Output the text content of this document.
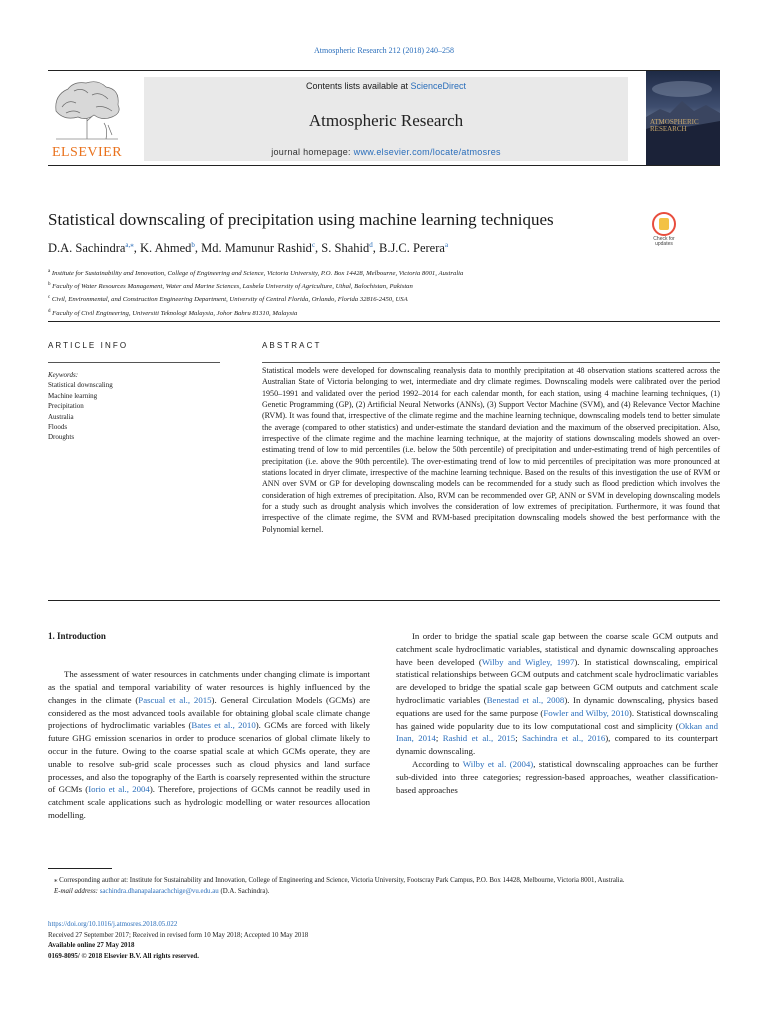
Atmospheric Research 212 (2018) 240–258
ELSEVIER
Contents lists available at ScienceDirect
Atmospheric Research
journal homepage: www.elsevier.com/locate/atmosres
ATMOSPHERIC RESEARCH
Statistical downscaling of precipitation using machine learning techniques
Check for updates
D.A. Sachindra$^{a,⁎}$, K. Ahmed$^b$, Md. Mamunur Rashid$^c$, S. Shahid$^d$, B.J.C. Perera$^a$
$^a$ Institute for Sustainability and Innovation, College of Engineering and Science, Victoria University, P.O. Box 14428, Melbourne, Victoria 8001, Australia
$^b$ Faculty of Water Resources Management, Water and Marine Sciences, Lasbela University of Agriculture, Uthal, Balochistan, Pakistan
$^c$ Civil, Environmental, and Construction Engineering Department, University of Central Florida, Orlando, Florida 32816-2450, USA
$^d$ Faculty of Civil Engineering, Universiti Teknologi Malaysia, Johor Bahru 81310, Malaysia
ARTICLE INFO	ABSTRACT
Keywords:
Statistical downscaling
Machine learning
Precipitation
Australia
Floods
Droughts
Statistical models were developed for downscaling reanalysis data to monthly precipitation at 48 observation stations scattered across the Australian State of Victoria belonging to wet, intermediate and dry climate regimes. Downscaling models were calibrated over the period 1950–1991 and validated over the period 1992–2014 for each calendar month, for each station, using 4 machine learning techniques, (1) Genetic Programming (GP), (2) Artificial Neural Networks (ANNs), (3) Support Vector Machine (SVM), and (4) Relevance Vector Machine (RVM). It was found that, irrespective of the climate regime and the machine learning technique, downscaling models tend to better simulate the average (compared to other statistics) and under-estimate the standard deviation and the maximum of the observed precipitation. Also, irrespective of the climate regime and the machine learning technique, at the majority of stations downscaling models showed an over-estimating trend of low to mid percentiles (i.e. below the 50th percentile) of precipitation and under-estimating trend of high percentiles of precipitation (i.e. above the 90th percentile). The over-estimating trend of low to mid percentiles of precipitation was more pronounced at stations located in dryer climate, irrespective of the machine learning technique. Based on the results of this investigation the use of RVM or ANN over SVM or GP for developing downscaling models can be recommended for a study such as flood prediction which involves the consideration of high extremes of precipitation. Also, RVM can be recommended over GP, ANN or SVM in developing downscaling models for a study such as drought analysis which involves the consideration of low extremes of precipitation. Furthermore, it was found that irrespective of the climate regime, the SVM and RVM-based precipitation downscaling models showed the best performance with the Polynomial kernel.
1. Introduction

The assessment of water resources in catchments under changing climate is important as the spatial and temporal variability of water resources is highly influenced by the changes in the climate (Pascual et al., 2015). General Circulation Models (GCMs) are considered as the most advanced tools available for obtaining global scale climate change projections of hydroclimatic variables (Bates et al., 2010). GCMs are forced with likely future GHG emission scenarios in order to produce scenarios of global climate likely to occur in the future. Owing to the coarse spatial scale at which GCMs operate, they are unable to resolve sub-grid scale processes such as cloud physics and land surface processes, and also the topography of the Earth is coarsely represented within the structure of GCMs (Iorio et al., 2004). Therefore, projections of GCMs cannot be readily used in catchment scale applications such as hydrologic modelling or water resources allocation modelling.

In order to bridge the spatial scale gap between the coarse scale GCM outputs and catchment scale hydroclimatic variables, statistical and dynamic downscaling approaches have been developed (Wilby and Wigley, 1997). In statistical downscaling, empirical statistical relationships between GCM outputs and catchment scale hydroclimatic variables are developed to bridge the spatial scale gap between GCM outputs and catchment scale hydroclimatic variables (Benestad et al., 2008). In dynamic downscaling, physics based equations are used for the same purpose (Fowler and Wilby, 2010). Statistical downscaling has gained wide popularity due to its low computational cost and simplicity (Okkan and Inan, 2014; Rashid et al., 2015; Sachindra et al., 2016), compared to its counterpart dynamic downscaling.

According to Wilby et al. (2004), statistical downscaling approaches can be further sub-divided into three categories; regression-based approaches, weather classification-based approaches

⁎ Corresponding author at: Institute for Sustainability and Innovation, College of Engineering and Science, Victoria University, Footscray Park Campus, P.O. Box 14428, Melbourne, Victoria 8001, Australia.
E-mail address: sachindra.dhanapalaarachchige@vu.edu.au (D.A. Sachindra).
https://doi.org/10.1016/j.atmosres.2018.05.022
Received 27 September 2017; Received in revised form 10 May 2018; Accepted 10 May 2018
Available online 27 May 2018
0169-8095/ © 2018 Elsevier B.V. All rights reserved.
